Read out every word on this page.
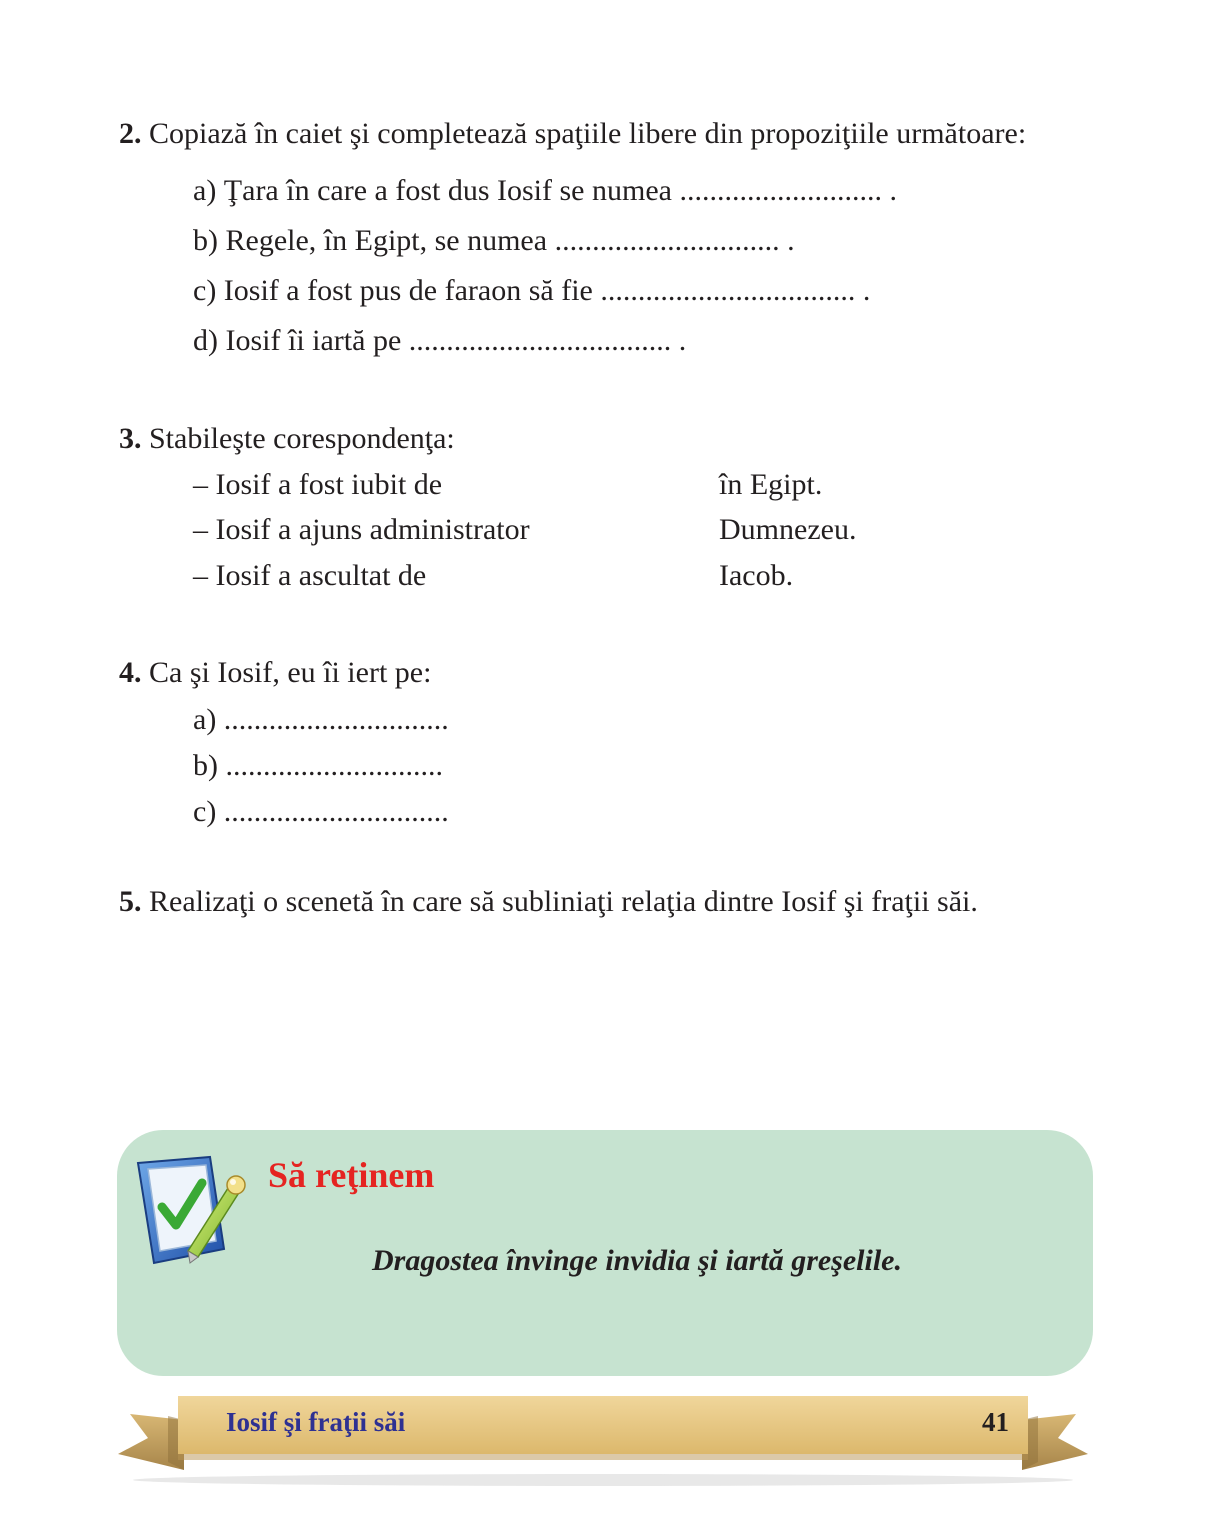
2. Copiază în caiet şi completează spaţiile libere din propoziţiile următoare:
a) Ţara în care a fost dus Iosif se numea ........................... .
b) Regele, în Egipt, se numea .............................. .
c) Iosif a fost pus de faraon să fie .................................. .
d) Iosif îi iartă pe ................................... .
3. Stabileşte corespondenţa:
– Iosif a fost iubit de
– Iosif a ajuns administrator
– Iosif a ascultat de
în Egipt.
Dumnezeu.
Iacob.
4. Ca şi Iosif, eu îi iert pe:
a) ..............................
b) .............................
c) ..............................
5. Realizaţi o scenetă în care să subliniaţi relaţia dintre Iosif şi fraţii săi.
Să reţinem
Dragostea învinge invidia şi iartă greşelile.
Iosif şi fraţii săi	41
